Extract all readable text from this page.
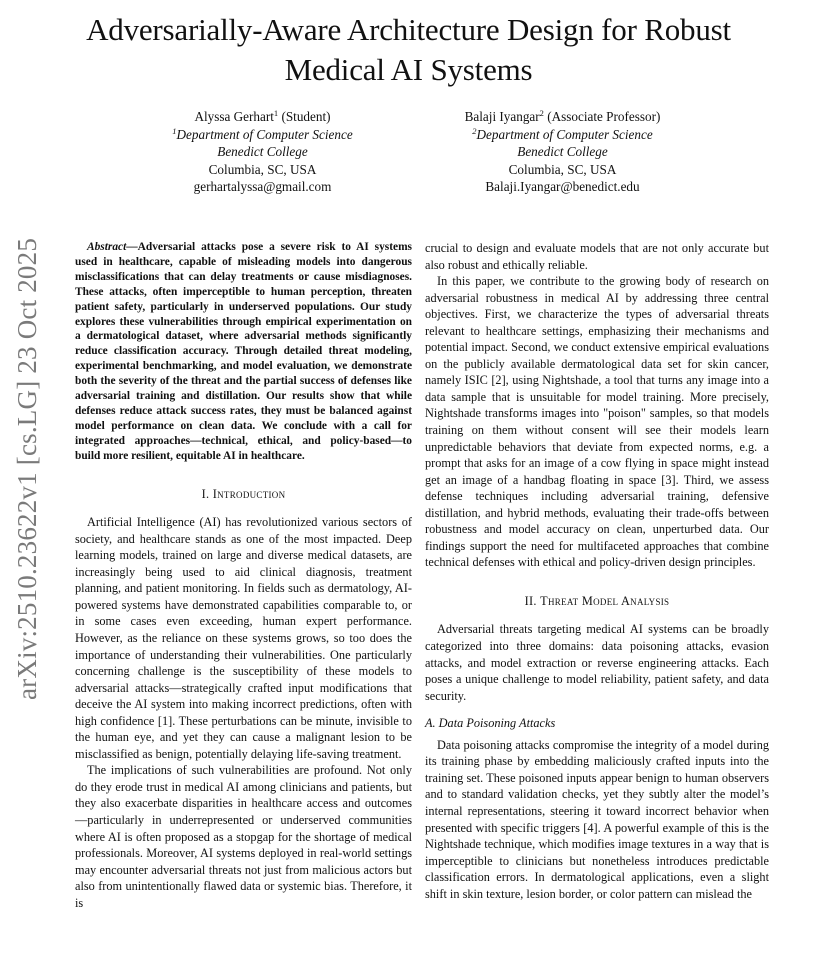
Adversarially-Aware Architecture Design for Robust
Medical AI Systems
Alyssa Gerhart$^1$ (Student)
$^1$Department of Computer Science
Benedict College
Columbia, SC, USA
gerhartalyssa@gmail.com
Balaji Iyangar$^2$ (Associate Professor)
$^2$Department of Computer Science
Benedict College
Columbia, SC, USA
Balaji.Iyangar@benedict.edu
arXiv:2510.23622v1 [cs.LG] 23 Oct 2025	Abstract—Adversarial attacks pose a severe risk to AI systems used in healthcare, capable of misleading models into dangerous misclassifications that can delay treatments or cause misdiagnoses. These attacks, often imperceptible to human perception, threaten patient safety, particularly in underserved populations. Our study explores these vulnerabilities through empirical experimentation on a dermatological dataset, where adversarial methods significantly reduce classification accuracy. Through detailed threat modeling, experimental benchmarking, and model evaluation, we demonstrate both the severity of the threat and the partial success of defenses like adversarial training and distillation. Our results show that while defenses reduce attack success rates, they must be balanced against model performance on clean data. We conclude with a call for integrated approaches—technical, ethical, and policy-based—to build more resilient, equitable AI in healthcare.

I. Introduction

Artificial Intelligence (AI) has revolutionized various sectors of society, and healthcare stands as one of the most impacted. Deep learning models, trained on large and diverse medical datasets, are increasingly being used to aid clinical diagnosis, treatment planning, and patient monitoring. In fields such as dermatology, AI-powered systems have demonstrated capabilities comparable to, or in some cases even exceeding, human expert performance. However, as the reliance on these systems grows, so too does the importance of understanding their vulnerabilities. One particularly concerning challenge is the susceptibility of these models to adversarial attacks—strategically crafted input modifications that deceive the AI system into making incorrect predictions, often with high confidence [1]. These perturbations can be minute, invisible to the human eye, and yet they can cause a malignant lesion to be misclassified as benign, potentially delaying life-saving treatment.

The implications of such vulnerabilities are profound. Not only do they erode trust in medical AI among clinicians and patients, but they also exacerbate disparities in healthcare access and outcomes—particularly in underrepresented or underserved communities where AI is often proposed as a stopgap for the shortage of medical professionals. Moreover, AI systems deployed in real-world settings may encounter adversarial threats not just from malicious actors but also from unintentionally flawed data or systemic bias. Therefore, it is

crucial to design and evaluate models that are not only accurate but also robust and ethically reliable.

In this paper, we contribute to the growing body of research on adversarial robustness in medical AI by addressing three central objectives. First, we characterize the types of adversarial threats relevant to healthcare settings, emphasizing their mechanisms and potential impact. Second, we conduct extensive empirical evaluations on the publicly available dermatological data set for skin cancer, namely ISIC [2], using Nightshade, a tool that turns any image into a data sample that is unsuitable for model training. More precisely, Nightshade transforms images into "poison" samples, so that models training on them without consent will see their models learn unpredictable behaviors that deviate from expected norms, e.g. a prompt that asks for an image of a cow flying in space might instead get an image of a handbag floating in space [3]. Third, we assess defense techniques including adversarial training, defensive distillation, and hybrid methods, evaluating their trade-offs between robustness and model accuracy on clean, unperturbed data. Our findings support the need for multifaceted approaches that combine technical defenses with ethical and policy-driven design principles.

II. Threat Model Analysis

Adversarial threats targeting medical AI systems can be broadly categorized into three domains: data poisoning attacks, evasion attacks, and model extraction or reverse engineering attacks. Each poses a unique challenge to model reliability, patient safety, and data security.

A. Data Poisoning Attacks

Data poisoning attacks compromise the integrity of a model during its training phase by embedding maliciously crafted inputs into the training set. These poisoned inputs appear benign to human observers and to standard validation checks, yet they subtly alter the model’s internal representations, steering it toward incorrect behavior when presented with specific triggers [4]. A powerful example of this is the Nightshade technique, which modifies image textures in a way that is imperceptible to clinicians but nonetheless introduces predictable classification errors. In dermatological applications, even a slight shift in skin texture, lesion border, or color pattern can mislead the
